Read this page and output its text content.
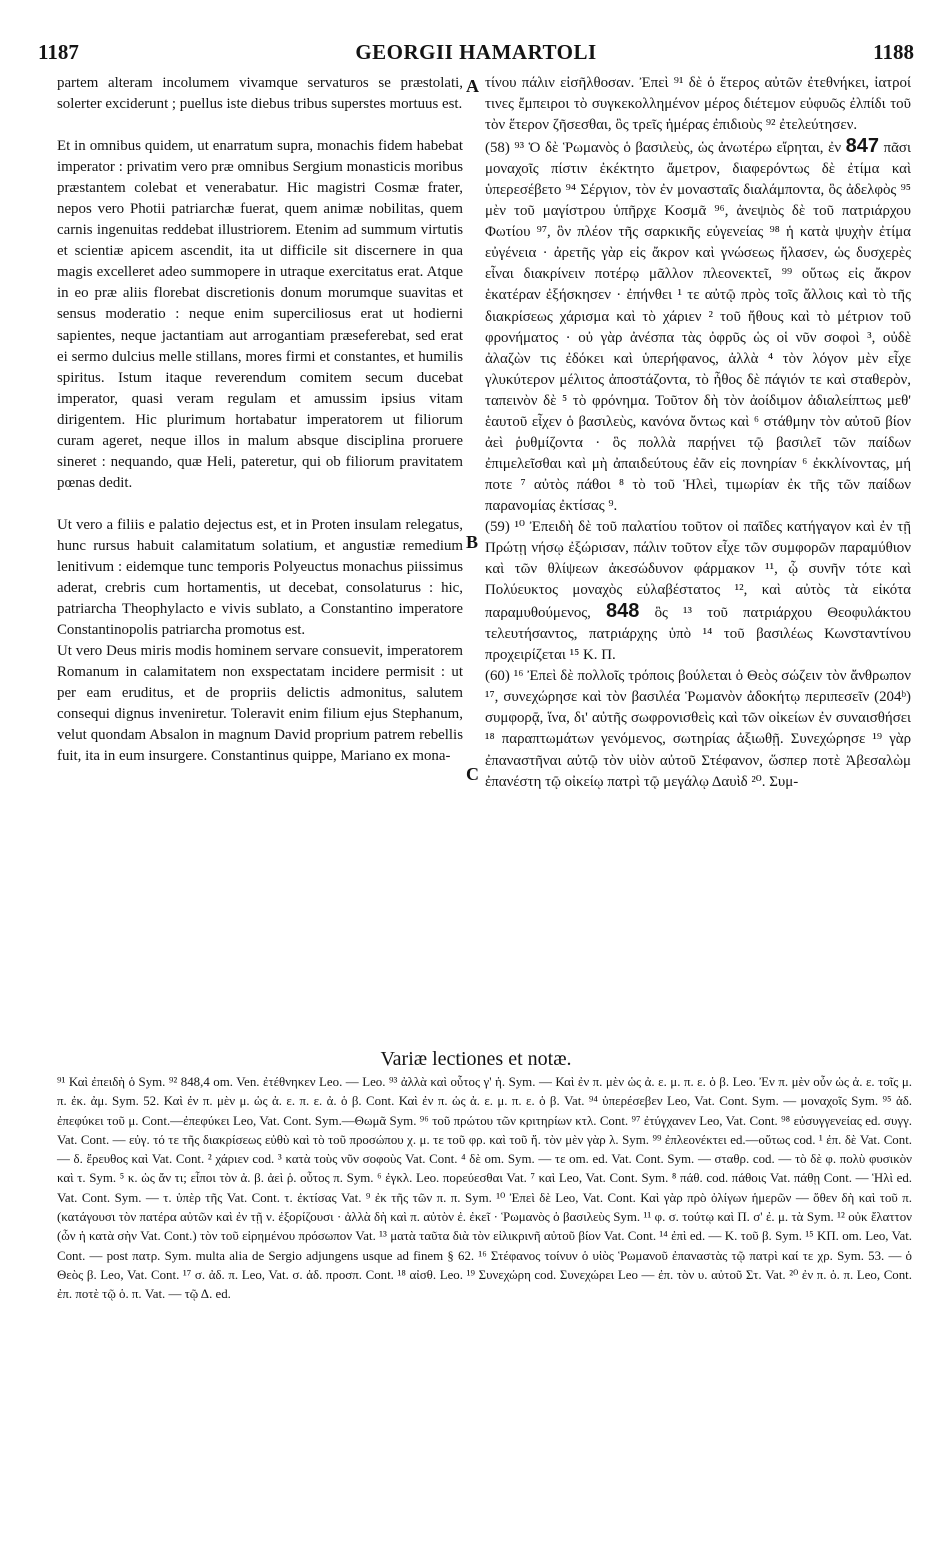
1187	GEORGII HAMARTOLI	1188

partem alteram incolumem vivamque servaturos se præstolati, solerter exciderunt ; puellus iste diebus tribus superstes mortuus est.

Et in omnibus quidem, ut enarratum supra, monachis fidem habebat imperator : privatim vero præ omnibus Sergium monasticis moribus præstantem colebat et venerabatur. Hic magistri Cosmæ frater, nepos vero Photii patriarchæ fuerat, quem animæ nobilitas, quem carnis ingenuitas reddebat illustriorem. Etenim ad summum virtutis et scientiæ apicem ascendit, ita ut difficile sit discernere in qua magis excelleret adeo summopere in utraque exercitatus erat. Atque in eo præ aliis florebat discretionis donum morumque suavitas et sensus moderatio : neque enim superciliosus erat ut hodierni sapientes, neque jactantiam aut arrogantiam præseferebat, sed erat ei sermo dulcius melle stillans, mores firmi et constantes, et humilis spiritus. Istum itaque reverendum comitem secum ducebat imperator, quasi veram regulam et amussim ipsius vitam dirigentem. Hic plurimum hortabatur imperatorem ut filiorum curam ageret, neque illos in malum absque disciplina proruere sineret : nequando, quæ Heli, pateretur, qui ob filiorum pravitatem pœnas dedit.

Ut vero a filiis e palatio dejectus est, et in Proten insulam relegatus, hunc rursus habuit calamitatum solatium, et angustiæ remedium lenitivum : eidemque tunc temporis Polyeuctus monachus piissimus aderat, crebris cum hortamentis, ut decebat, consolaturus : hic, patriarcha Theophylacto e vivis sublato, a Constantino imperatore Constantinopolis patriarcha promotus est.

Ut vero Deus miris modis hominem servare consuevit, imperatorem Romanum in calamitatem non exspectatam incidere permisit : ut per eam eruditus, et de propriis delictis admonitus, salutem consequi dignus inveniretur. Toleravit enim filium ejus Stephanum, velut quondam Absalon in magnum David proprium patrem rebellis fuit, ita in eum insurgere. Constantinus quippe, Mariano ex mona-

A
B
C

τίνου πάλιν εἰσῆλθοσαν. Ἐπεὶ ⁹¹ δὲ ὁ ἕτερος αὐτῶν ἐτεθνήκει, ἰατροί τινες ἔμπειροι τὸ συγκεκολλημένον μέρος διέτεμον εὐφυῶς ἐλπίδι τοῦ τὸν ἕτερον ζῆσεσθαι, ὃς τρεῖς ἡμέρας ἐπιδιοὺς ⁹² ἐτελεύτησεν.

(58) ⁹³ Ὁ δὲ Ῥωμανὸς ὁ βασιλεὺς, ὡς ἀνωτέρω εἴρηται, ἐν 847 πᾶσι μοναχοῖς πίστιν ἐκέκτητο ἄμετρον, διαφερόντως δὲ ἐτίμα καὶ ὑπερεσέβετο ⁹⁴ Σέργιον, τὸν ἐν μονασταῖς διαλάμποντα, ὃς ἀδελφὸς ⁹⁵ μὲν τοῦ μαγίστρου ὑπῆρχε Κοσμᾶ ⁹⁶, ἀνεψιὸς δὲ τοῦ πατριάρχου Φωτίου ⁹⁷, ὃν πλέον τῆς σαρκικῆς εὐγενείας ⁹⁸ ἡ κατὰ ψυχὴν ἐτίμα εὐγένεια · ἀρετῆς γὰρ εἰς ἄκρον καὶ γνώσεως ἤλασεν, ὡς δυσχερὲς εἶναι διακρίνειν ποτέρῳ μᾶλλον πλεονεκτεῖ, ⁹⁹ οὕτως εἰς ἄκρον ἑκατέραν ἐξήσκησεν · ἐπήνθει ¹ τε αὐτῷ πρὸς τοῖς ἄλλοις καὶ τὸ τῆς διακρίσεως χάρισμα καὶ τὸ χάριεν ² τοῦ ἤθους καὶ τὸ μέτριον τοῦ φρονήματος · οὐ γὰρ ἀνέσπα τὰς ὀφρῦς ὡς οἱ νῦν σοφοὶ ³, οὐδὲ ἀλαζὼν τις ἐδόκει καὶ ὑπερήφανος, ἀλλὰ ⁴ τὸν λόγον μὲν εἶχε γλυκύτερον μέλιτος ἀποστάζοντα, τὸ ἦθος δὲ πάγιόν τε καὶ σταθερὸν, ταπεινὸν δὲ ⁵ τὸ φρόνημα. Τοῦτον δὴ τὸν ἀοίδιμον ἀδιαλείπτως μεθ' ἑαυτοῦ εἶχεν ὁ βασιλεὺς, κανόνα ὄντως καὶ ⁶ στάθμην τὸν αὐτοῦ βίον ἀεὶ ῥυθμίζοντα · ὃς πολλὰ παρῄνει τῷ βασιλεῖ τῶν παίδων ἐπιμελεῖσθαι καὶ μὴ ἀπαιδεύτους ἐᾶν εἰς πονηρίαν ⁶ ἐκκλίνοντας, μή ποτε ⁷ αὐτὸς πάθοι ⁸ τὸ τοῦ Ἡλεὶ, τιμωρίαν ἐκ τῆς τῶν παίδων παρανομίας ἐκτίσας ⁹.

(59) ¹⁰ Ἐπειδὴ δὲ τοῦ παλατίου τοῦτον οἱ παῖδες κατήγαγον καὶ ἐν τῇ Πρώτῃ νήσῳ ἐξώρισαν, πάλιν τοῦτον εἶχε τῶν συμφορῶν παραμύθιον καὶ τῶν θλίψεων ἀκεσώδυνον φάρμακον ¹¹, ᾧ συνῆν τότε καὶ Πολύευκτος μοναχὸς εὐλαβέστατος ¹², καὶ αὐτὸς τὰ εἰκότα παραμυθούμενος, 848 ὃς ¹³ τοῦ πατριάρχου Θεοφυλάκτου τελευτήσαντος, πατριάρχης ὑπὸ ¹⁴ τοῦ βασιλέως Κωνσταντίνου προχειρίζεται ¹⁵ Κ. Π.

(60) ¹⁶ Ἐπεὶ δὲ πολλοῖς τρόποις βούλεται ὁ Θεὸς σώζειν τὸν ἄνθρωπον ¹⁷, συνεχώρησε καὶ τὸν βασιλέα Ῥωμανὸν ἀδοκήτῳ περιπεσεῖν (204ᵇ) συμφορᾷ, ἵνα, δι' αὐτῆς σωφρονισθεὶς καὶ τῶν οἰκείων ἐν συναισθήσει ¹⁸ παραπτωμάτων γενόμενος, σωτηρίας ἀξιωθῇ. Συνεχώρησε ¹⁹ γὰρ ἐπαναστῆναι αὐτῷ τὸν υἱὸν αὐτοῦ Στέφανον, ὥσπερ ποτὲ Ἀβεσαλὼμ ἐπανέστη τῷ οἰκείῳ πατρὶ τῷ μεγάλῳ Δαυὶδ ²⁰. Συμ-

Variæ lectiones et notæ.
⁹¹ Καὶ ἐπειδὴ ὁ Sym. ⁹² 848,4 om. Ven. ἐτέθνηκεν Leo. — Leo. ⁹³ ἀλλὰ καὶ οὗτος γ' ἡ. Sym. — Καὶ ἐν π. μὲν ὡς ἀ. ε. μ. π. ε. ὁ β. Leo. Ἐν π. μὲν οὖν ὡς ἀ. ε. τοῖς μ. π. ἐκ. ἀμ. Sym. 52. Καὶ ἐν π. μὲν μ. ὡς ἀ. ε. π. ε. ἀ. ὁ β. Cont. Καὶ ἐν π. ὡς ἀ. ε. μ. π. ε. ὁ β. Vat. ⁹⁴ ὑπερέσεβεν Leo, Vat. Cont. Sym. — μοναχοῖς Sym. ⁹⁵ ἀδ. ἐπεφύκει τοῦ μ. Cont.—ἐπεφύκει Leo, Vat. Cont. Sym.—Θωμᾶ Sym. ⁹⁶ τοῦ πρώτου τῶν κριτηρίων κτλ. Cont. ⁹⁷ ἐτύγχανεν Leo, Vat. Cont. ⁹⁸ εὐσυγγενείας ed. συγγ. Vat. Cont. — εὐγ. τό τε τῆς διακρίσεως εὐθὺ καὶ τὸ τοῦ προσώπου χ. μ. τε τοῦ φρ. καὶ τοῦ ἤ. τὸν μὲν γὰρ λ. Sym. ⁹⁹ ἐπλεονέκτει ed.—οὕτως cod. ¹ ἐπ. δὲ Vat. Cont. — δ. ἔρευθος καὶ Vat. Cont. ² χάριεν cod. ³ κατὰ τοὺς νῦν σοφοὺς Vat. Cont. ⁴ δὲ om. Sym. — τε om. ed. Vat. Cont. Sym. — σταθρ. cod. — τὸ δὲ φ. πολὺ φυσικὸν καὶ τ. Sym. ⁵ κ. ὡς ἄν τι; εἶποι τὸν ἀ. β. ἀεὶ ῥ. οὗτος π. Sym. ⁶ ἐγκλ. Leo. πορεύεσθαι Vat. ⁷ καὶ Leo, Vat. Cont. Sym. ⁸ πάθ. cod. πάθοις Vat. πάθῃ Cont. — Ἡλὶ ed. Vat. Cont. Sym. — τ. ὑπὲρ τῆς Vat. Cont. τ. ἐκτίσας Vat. ⁹ ἐκ τῆς τῶν π. π. Sym. ¹⁰ Ἐπεὶ δὲ Leo, Vat. Cont. Καὶ γὰρ πρὸ ὀλίγων ἡμερῶν — ὅθεν δὴ καὶ τοῦ π. (κατάγουσι τὸν πατέρα αὐτῶν καὶ ἐν τῇ ν. ἐξορίζουσι · ἀλλὰ δὴ καὶ π. αὐτὸν ἐ. ἐκεῖ · Ῥωμανὸς ὁ βασιλεὺς Sym. ¹¹ φ. σ. τούτῳ καὶ Π. σ' ἐ. μ. τὰ Sym. ¹² οὐκ ἔλαττον (ὧν ἡ κατὰ σὴν Vat. Cont.) τὸν τοῦ εἰρημένου πρόσωπον Vat. ¹³ ματὰ ταῦτα διὰ τὸν εἰλικρινῆ αὐτοῦ βίον Vat. Cont. ¹⁴ ἐπὶ ed. — Κ. τοῦ β. Sym. ¹⁵ ΚΠ. om. Leo, Vat. Cont. — post πατρ. Sym. multa alia de Sergio adjungens usque ad finem § 62. ¹⁶ Στέφανος τοίνυν ὁ υἱὸς Ῥωμανοῦ ἐπαναστὰς τῷ πατρὶ καί τε χρ. Sym. 53. — ὁ Θεὸς β. Leo, Vat. Cont. ¹⁷ σ. ἀδ. π. Leo, Vat. σ. ἀδ. πρoσπ. Cont. ¹⁸ αἰσθ. Leo. ¹⁹ Συνεχώρη cod. Συνεχώρει Leo — ἐπ. τὸν υ. αὐτοῦ Στ. Vat. ²⁰ ἐν π. ὁ. π. Leo, Cont. ἐπ. ποτὲ τῷ ὁ. π. Vat. — τῷ Δ. ed.
